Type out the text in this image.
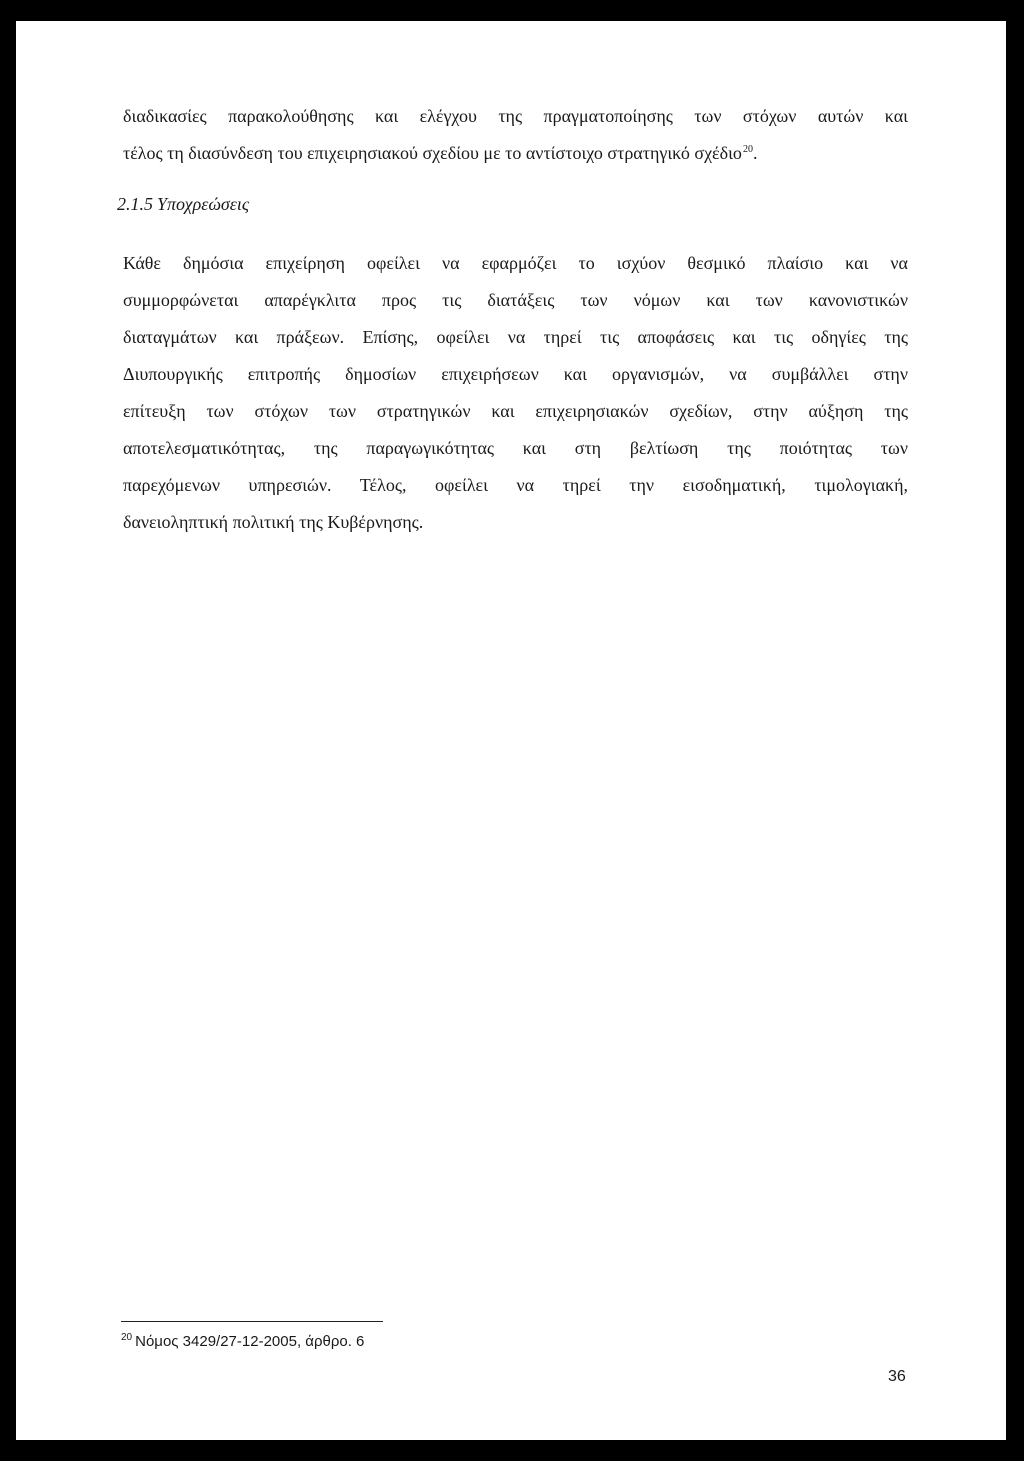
διαδικασίες παρακολούθησης και ελέγχου της πραγματοποίησης των στόχων αυτών και
τέλος τη διασύνδεση του επιχειρησιακού σχεδίου με το αντίστοιχο στρατηγικό σχέδιο$^{20}$.
2.1.5 Υποχρεώσεις
Κάθε δημόσια επιχείρηση οφείλει να εφαρμόζει το ισχύον θεσμικό πλαίσιο και να
συμμορφώνεται απαρέγκλιτα προς τις διατάξεις των νόμων και των κανονιστικών
διαταγμάτων και πράξεων. Επίσης, οφείλει να τηρεί τις αποφάσεις και τις οδηγίες της
Διυπουργικής επιτροπής δημοσίων επιχειρήσεων και οργανισμών, να συμβάλλει στην
επίτευξη των στόχων των στρατηγικών και επιχειρησιακών σχεδίων, στην αύξηση της
αποτελεσματικότητας, της παραγωγικότητας και στη βελτίωση της ποιότητας των
παρεχόμενων υπηρεσιών. Τέλος, οφείλει να τηρεί την εισοδηματική, τιμολογιακή,
δανειοληπτική πολιτική της Κυβέρνησης.
$^{20}$ Νόμος 3429/27-12-2005, άρθρο. 6
36
